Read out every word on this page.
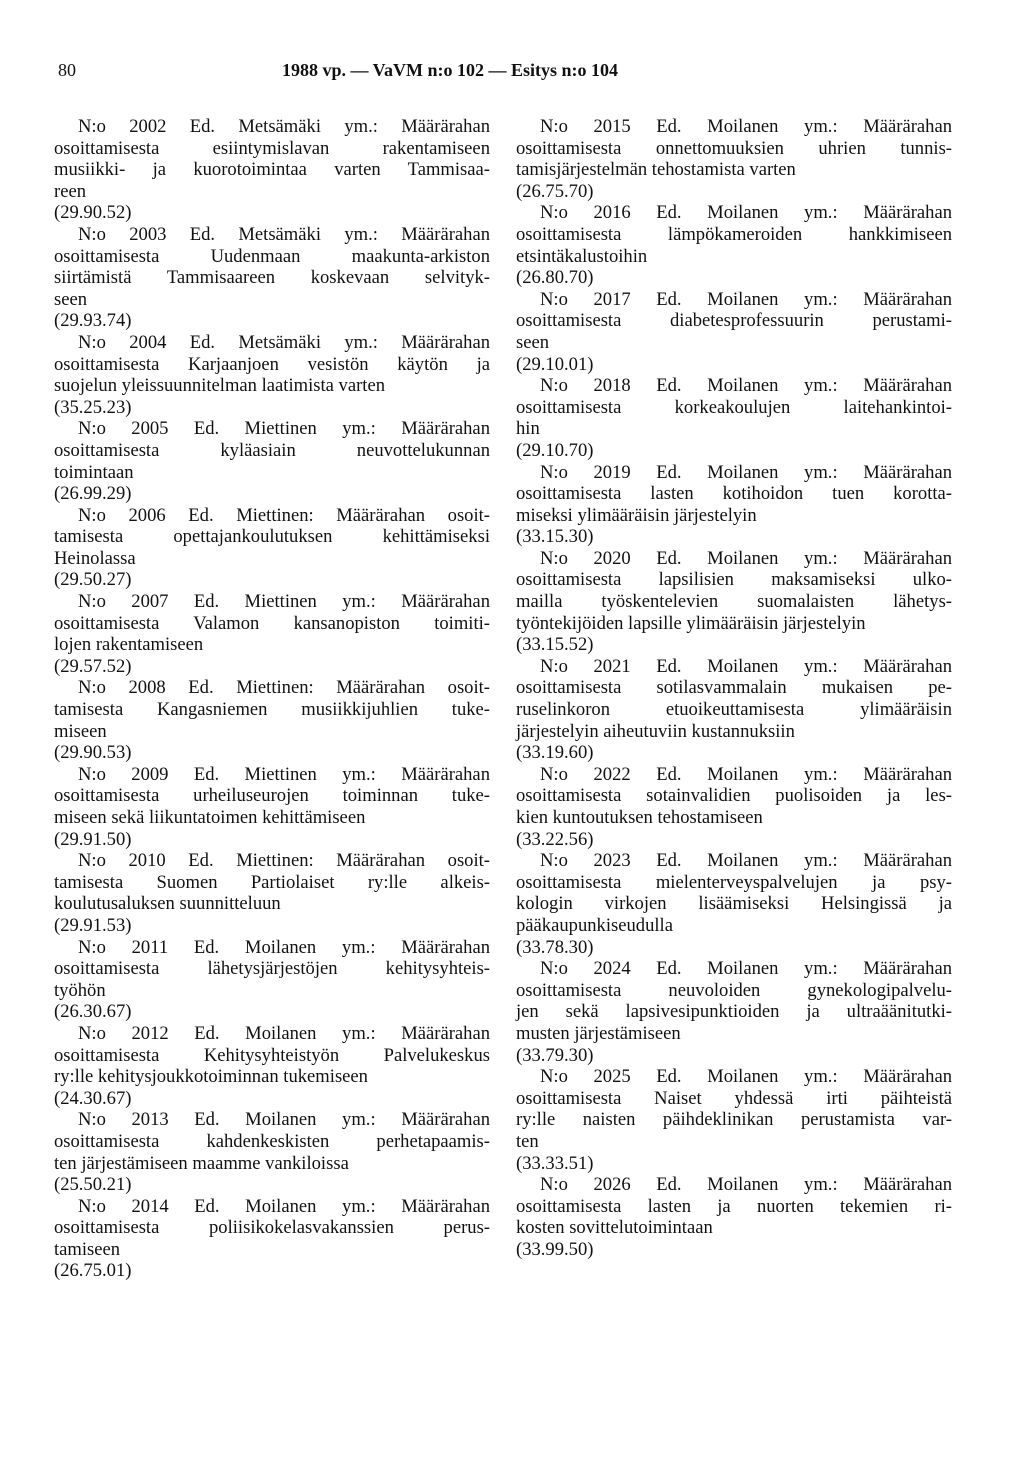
80	1988 vp. — VaVM n:o 102 — Esitys n:o 104
N:o 2002 Ed. Metsämäki ym.: Määrärahan
osoittamisesta esiintymislavan rakentamiseen
musiikki- ja kuorotoimintaa varten Tammisaa-
reen
(29.90.52)
N:o 2003 Ed. Metsämäki ym.: Määrärahan
osoittamisesta Uudenmaan maakunta-arkiston
siirtämistä Tammisaareen koskevaan selvityk-
seen
(29.93.74)
N:o 2004 Ed. Metsämäki ym.: Määrärahan
osoittamisesta Karjaanjoen vesistön käytön ja
suojelun yleissuunnitelman laatimista varten
(35.25.23)
N:o 2005 Ed. Miettinen ym.: Määrärahan
osoittamisesta kyläasiain neuvottelukunnan
toimintaan
(26.99.29)
N:o 2006 Ed. Miettinen: Määrärahan osoit-
tamisesta opettajankoulutuksen kehittämiseksi
Heinolassa
(29.50.27)
N:o 2007 Ed. Miettinen ym.: Määrärahan
osoittamisesta Valamon kansanopiston toimiti-
lojen rakentamiseen
(29.57.52)
N:o 2008 Ed. Miettinen: Määrärahan osoit-
tamisesta Kangasniemen musiikkijuhlien tuke-
miseen
(29.90.53)
N:o 2009 Ed. Miettinen ym.: Määrärahan
osoittamisesta urheiluseurojen toiminnan tuke-
miseen sekä liikuntatoimen kehittämiseen
(29.91.50)
N:o 2010 Ed. Miettinen: Määrärahan osoit-
tamisesta Suomen Partiolaiset ry:lle alkeis-
koulutusaluksen suunnitteluun
(29.91.53)
N:o 2011 Ed. Moilanen ym.: Määrärahan
osoittamisesta lähetysjärjestöjen kehitysyhteis-
työhön
(26.30.67)
N:o 2012 Ed. Moilanen ym.: Määrärahan
osoittamisesta Kehitysyhteistyön Palvelukeskus
ry:lle kehitysjoukkotoiminnan tukemiseen
(24.30.67)
N:o 2013 Ed. Moilanen ym.: Määrärahan
osoittamisesta kahdenkeskisten perhetapaamis-
ten järjestämiseen maamme vankiloissa
(25.50.21)
N:o 2014 Ed. Moilanen ym.: Määrärahan
osoittamisesta poliisikokelasvakanssien perus-
tamiseen
(26.75.01)
N:o 2015 Ed. Moilanen ym.: Määrärahan
osoittamisesta onnettomuuksien uhrien tunnis-
tamisjärjestelmän tehostamista varten
(26.75.70)
N:o 2016 Ed. Moilanen ym.: Määrärahan
osoittamisesta lämpökameroiden hankkimiseen
etsintäkalustoihin
(26.80.70)
N:o 2017 Ed. Moilanen ym.: Määrärahan
osoittamisesta diabetesprofessuurin perustami-
seen
(29.10.01)
N:o 2018 Ed. Moilanen ym.: Määrärahan
osoittamisesta korkeakoulujen laitehankintoi-
hin
(29.10.70)
N:o 2019 Ed. Moilanen ym.: Määrärahan
osoittamisesta lasten kotihoidon tuen korotta-
miseksi ylimääräisin järjestelyin
(33.15.30)
N:o 2020 Ed. Moilanen ym.: Määrärahan
osoittamisesta lapsilisien maksamiseksi ulko-
mailla työskentelevien suomalaisten lähetys-
työntekijöiden lapsille ylimääräisin järjestelyin
(33.15.52)
N:o 2021 Ed. Moilanen ym.: Määrärahan
osoittamisesta sotilasvammalain mukaisen pe-
ruselinkoron etuoikeuttamisesta ylimääräisin
järjestelyin aiheutuviin kustannuksiin
(33.19.60)
N:o 2022 Ed. Moilanen ym.: Määrärahan
osoittamisesta sotainvalidien puolisoiden ja les-
kien kuntoutuksen tehostamiseen
(33.22.56)
N:o 2023 Ed. Moilanen ym.: Määrärahan
osoittamisesta mielenterveyspalvelujen ja psy-
kologin virkojen lisäämiseksi Helsingissä ja
pääkaupunkiseudulla
(33.78.30)
N:o 2024 Ed. Moilanen ym.: Määrärahan
osoittamisesta neuvoloiden gynekologipalvelu-
jen sekä lapsivesipunktioiden ja ultraäänitutki-
musten järjestämiseen
(33.79.30)
N:o 2025 Ed. Moilanen ym.: Määrärahan
osoittamisesta Naiset yhdessä irti päihteistä
ry:lle naisten päihdeklinikan perustamista var-
ten
(33.33.51)
N:o 2026 Ed. Moilanen ym.: Määrärahan
osoittamisesta lasten ja nuorten tekemien ri-
kosten sovittelutoimintaan
(33.99.50)
